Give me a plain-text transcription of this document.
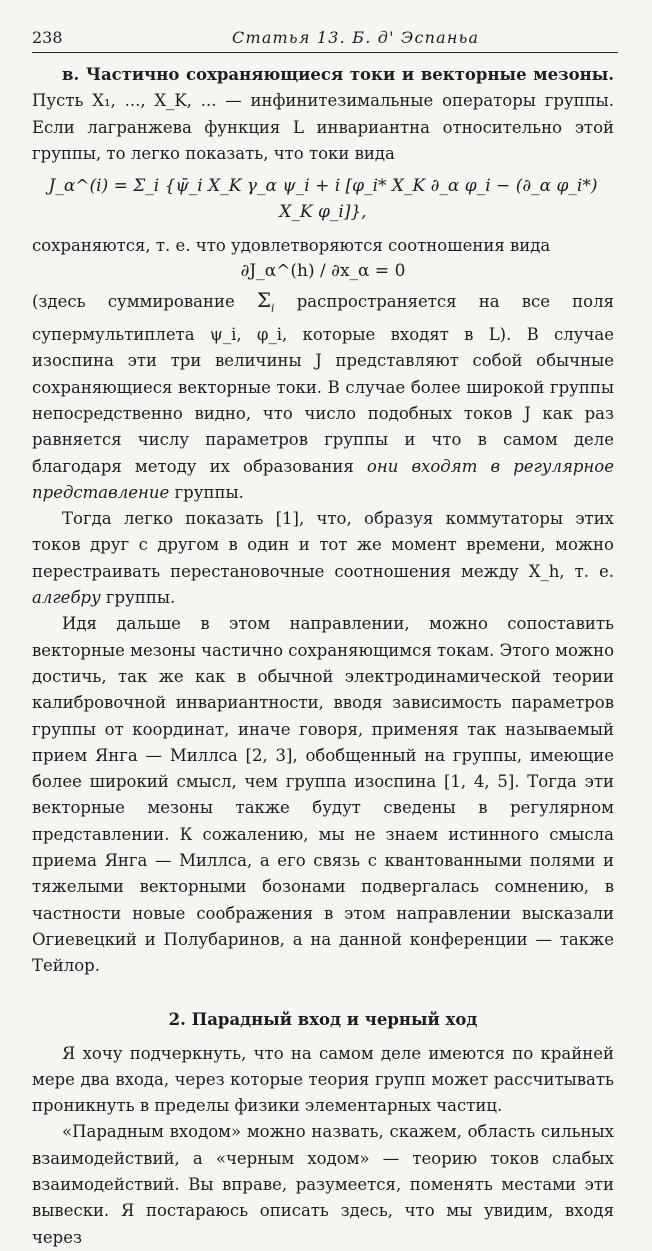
238	Статья 13. Б. д' Эспаньа

в. Частично сохраняющиеся токи и векторные мезоны. Пусть X₁, ..., X_K, ... — инфинитезимальные операторы группы. Если лагранжева функция L инвариантна относительно этой группы, то легко показать, что токи вида

J_α^(i) = Σ_i {ψ̄_i X_K γ_α ψ_i + i [φ_i* X_K ∂_α φ_i − (∂_α φ_i*) X_K φ_i]},

сохраняются, т. е. что удовлетворяются соотношения вида

∂J_α^(h) / ∂x_α = 0

(здесь суммирование $\Sigma_i$ распространяется на все поля супермультиплета ψ_i, φ_i, которые входят в L). В случае изоспина эти три величины J представляют собой обычные сохраняющиеся векторные токи. В случае более широкой группы непосредственно видно, что число подобных токов J как раз равняется числу параметров группы и что в самом деле благодаря методу их образования они входят в регулярное представление группы.

Тогда легко показать [1], что, образуя коммутаторы этих токов друг с другом в один и тот же момент времени, можно перестраивать перестановочные соотношения между X_h, т. е. алгебру группы.

Идя дальше в этом направлении, можно сопоставить векторные мезоны частично сохраняющимся токам. Этого можно достичь, так же как в обычной электродинамической теории калибровочной инвариантности, вводя зависимость параметров группы от координат, иначе говоря, применяя так называемый прием Янга — Миллса [2, 3], обобщенный на группы, имеющие более широкий смысл, чем группа изоспина [1, 4, 5]. Тогда эти векторные мезоны также будут сведены в регулярном представлении. К сожалению, мы не знаем истинного смысла приема Янга — Миллса, а его связь с квантованными полями и тяжелыми векторными бозонами подвергалась сомнению, в частности новые соображения в этом направлении высказали Огиевецкий и Полубаринов, а на данной конференции — также Тейлор.

2. Парадный вход и черный ход

Я хочу подчеркнуть, что на самом деле имеются по крайней мере два входа, через которые теория групп может рассчитывать проникнуть в пределы физики элементарных частиц.

«Парадным входом» можно назвать, скажем, область сильных взаимодействий, а «черным ходом» — теорию токов слабых взаимодействий. Вы вправе, разумеется, поменять местами эти вывески. Я постараюсь описать здесь, что мы увидим, входя через
